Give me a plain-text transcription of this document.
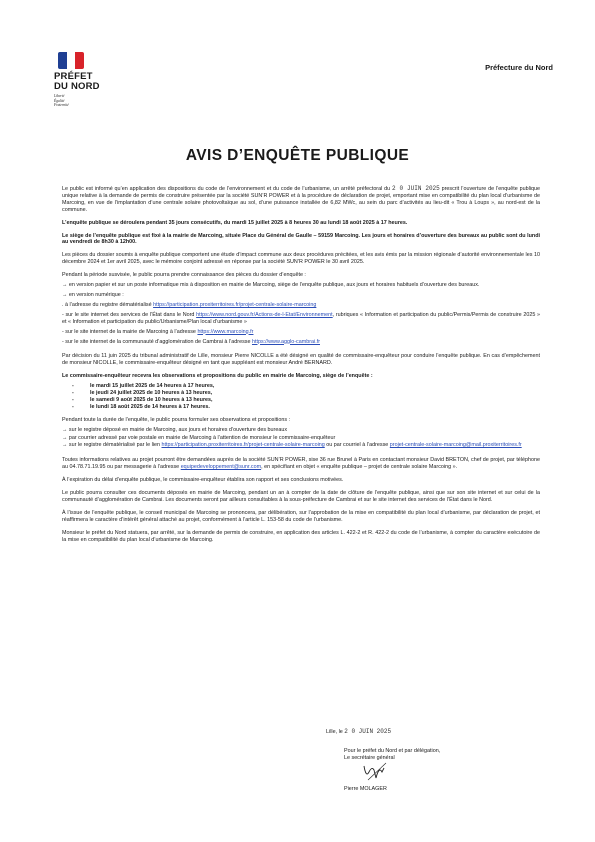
PRÉFET
DU NORD
Liberté
Égalité
Fraternité
Préfecture du Nord
AVIS D’ENQUÊTE PUBLIQUE

Le public est informé qu’en application des dispositions du code de l’environnement et du code de l’urbanisme, un arrêté préfectoral du 2 0 JUIN 2025 prescrit l’ouverture de l’enquête publique unique relative à la demande de permis de construire présentée par la société SUN’R POWER et à la procédure de déclaration de projet, emportant mise en compatibilité du plan local d’urbanisme de Marcoing, en vue de l’implantation d’une centrale solaire photovoltaïque au sol, d’une puissance installée de 6,82 MWc, au sein du parc d’activités au lieu-dit « Trou à Loups », au nord-est de la commune.

L’enquête publique se déroulera pendant 35 jours consécutifs, du mardi 15 juillet 2025 à 8 heures 30 au lundi 18 août 2025 à 17 heures.

Le siège de l’enquête publique est fixé à la mairie de Marcoing, située Place du Général de Gaulle – 59159 Marcoing. Les jours et horaires d’ouverture des bureaux au public sont du lundi au vendredi de 8h30 à 12h00.

Les pièces du dossier soumis à enquête publique comportent une étude d’impact commune aux deux procédures précitées, et les avis émis par la mission régionale d’autorité environnementale les 10 décembre 2024 et 1er avril 2025, avec le mémoire conjoint adressé en réponse par la société SUN’R POWER le 30 avril 2025.

Pendant la période susvisée, le public pourra prendre connaissance des pièces du dossier d’enquête :
→ en version papier et sur un poste informatique mis à disposition en mairie de Marcoing, siège de l’enquête publique, aux jours et horaires habituels d’ouverture des bureaux.
→ en version numérique :
. à l’adresse du registre dématérialisé https://participation.proxiterritoires.fr/projet-centrale-solaire-marcoing
- sur le site internet des services de l’État dans le Nord https://www.nord.gouv.fr/Actions-de-l-Etat/Environnement, rubriques « Information et participation du public/Permis/Permis de construire 2025 » et « Information et participation du public/Urbanisme/Plan local d’urbanisme »
- sur le site internet de la mairie de Marcoing à l’adresse https://www.marcoing.fr
- sur le site internet de la communauté d’agglomération de Cambrai à l’adresse https://www.agglo-cambrai.fr

Par décision du 11 juin 2025 du tribunal administratif de Lille, monsieur Pierre NICOLLE a été désigné en qualité de commissaire-enquêteur pour conduire l’enquête publique. En cas d’empêchement de monsieur NICOLLE, le commissaire-enquêteur désigné en tant que suppléant est monsieur André BERNARD.

Le commissaire-enquêteur recevra les observations et propositions du public en mairie de Marcoing, siège de l’enquête :

- le mardi 15 juillet 2025 de 14 heures à 17 heures,
- le jeudi 24 juillet 2025 de 10 heures à 13 heures,
- le samedi 9 août 2025 de 10 heures à 13 heures,
- le lundi 18 août 2025 de 14 heures à 17 heures.
Pendant toute la durée de l’enquête, le public pourra formuler ses observations et propositions :
→ sur le registre déposé en mairie de Marcoing, aux jours et horaires d’ouverture des bureaux
→ par courrier adressé par voie postale en mairie de Marcoing à l’attention de monsieur le commissaire-enquêteur
→ sur le registre dématérialisé par le lien https://participation.proxiterritoires.fr/projet-centrale-solaire-marcoing ou par courriel à l’adresse projet-centrale-solaire-marcoing@mail.proxiterritoires.fr

Toutes informations relatives au projet pourront être demandées auprès de la société SUN’R POWER, sise 36 rue Brunel à Paris en contactant monsieur David BRETON, chef de projet, par téléphone au 04.78.71.19.95 ou par messagerie à l’adresse equipedeveloppement@sunr.com, en spécifiant en objet « enquête publique – projet de centrale solaire Marcoing ».

À l’expiration du délai d’enquête publique, le commissaire-enquêteur établira son rapport et ses conclusions motivées.

Le public pourra consulter ces documents déposés en mairie de Marcoing, pendant un an à compter de la date de clôture de l’enquête publique, ainsi que sur son site internet et sur celui de la communauté d’agglomération de Cambrai. Les documents seront par ailleurs consultables à la sous-préfecture de Cambrai et sur le site internet des services de l’État dans le Nord.

À l’issue de l’enquête publique, le conseil municipal de Marcoing se prononcera, par délibération, sur l’approbation de la mise en compatibilité du plan local d’urbanisme, par déclaration de projet, et réaffirmera le caractère d’intérêt général attaché au projet, conformément à l’article L. 153-58 du code de l’urbanisme.

Monsieur le préfet du Nord statuera, par arrêté, sur la demande de permis de construire, en application des articles L. 422-2 et R. 422-2 du code de l’urbanisme, à compter du caractère exécutoire de la mise en compatibilité du plan local d’urbanisme de Marcoing.

Lille, le 2 0 JUIN 2025
Pour le préfet du Nord et par délégation,
Le secrétaire général
Pierre MOLAGER
